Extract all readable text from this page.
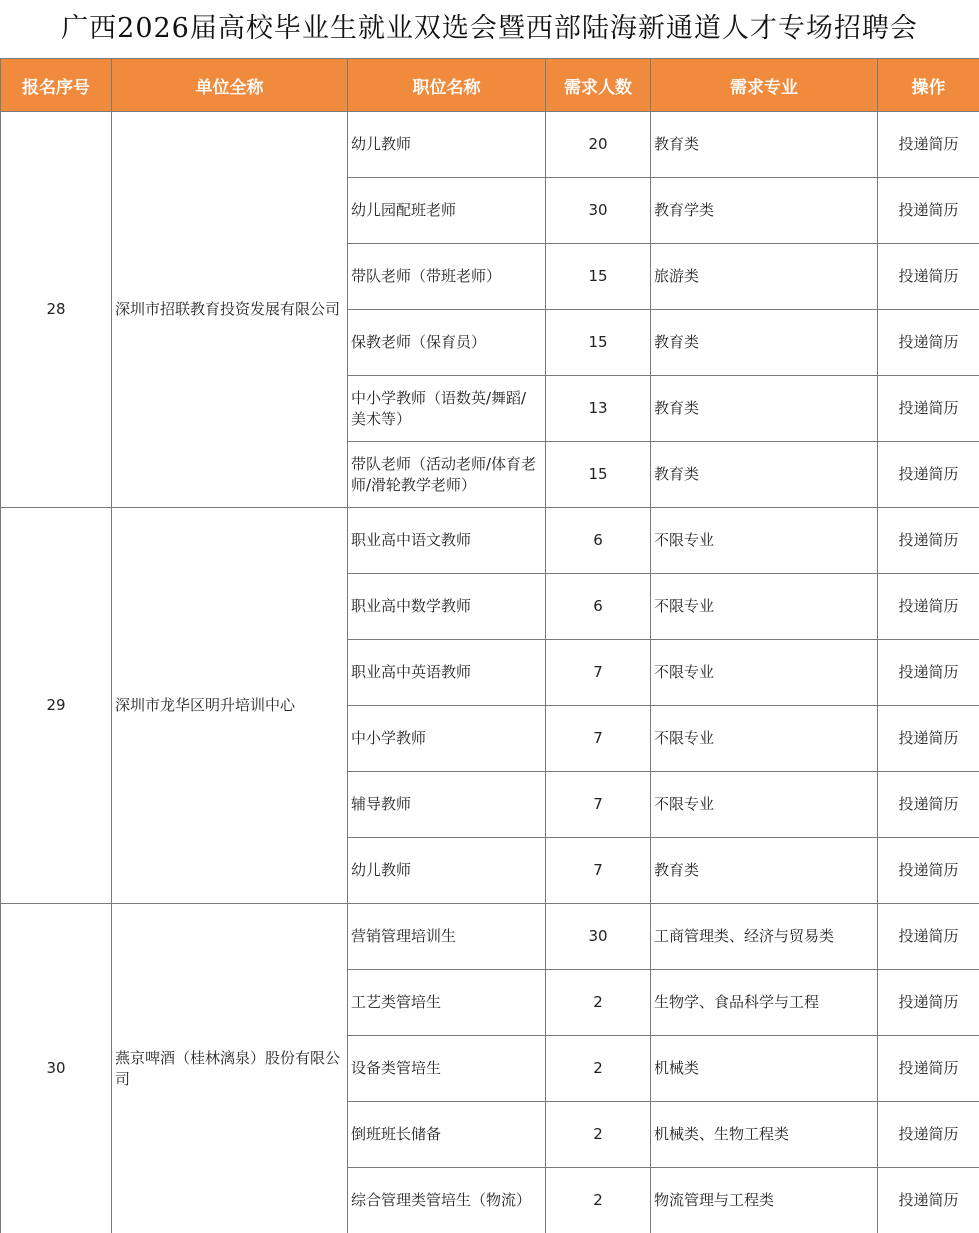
广西2026届高校毕业生就业双选会暨西部陆海新通道人才专场招聘会
报名序号	单位全称	职位名称	需求人数	需求专业	操作
28	深圳市招联教育投资发展有限公司	幼儿教师	20	教育类	投递简历
		幼儿园配班老师	30	教育学类	投递简历
		带队老师（带班老师）	15	旅游类	投递简历
		保教老师（保育员）	15	教育类	投递简历
		中小学教师（语数英/舞蹈/美术等）	13	教育类	投递简历
		带队老师（活动老师/体育老师/滑轮教学老师）	15	教育类	投递简历
29	深圳市龙华区明升培训中心	职业高中语文教师	6	不限专业	投递简历
		职业高中数学教师	6	不限专业	投递简历
		职业高中英语教师	7	不限专业	投递简历
		中小学教师	7	不限专业	投递简历
		辅导教师	7	不限专业	投递简历
		幼儿教师	7	教育类	投递简历
30	燕京啤酒（桂林漓泉）股份有限公司	营销管理培训生	30	工商管理类、经济与贸易类	投递简历
		工艺类管培生	2	生物学、食品科学与工程	投递简历
		设备类管培生	2	机械类	投递简历
		倒班班长储备	2	机械类、生物工程类	投递简历
		综合管理类管培生（物流）	2	物流管理与工程类	投递简历
